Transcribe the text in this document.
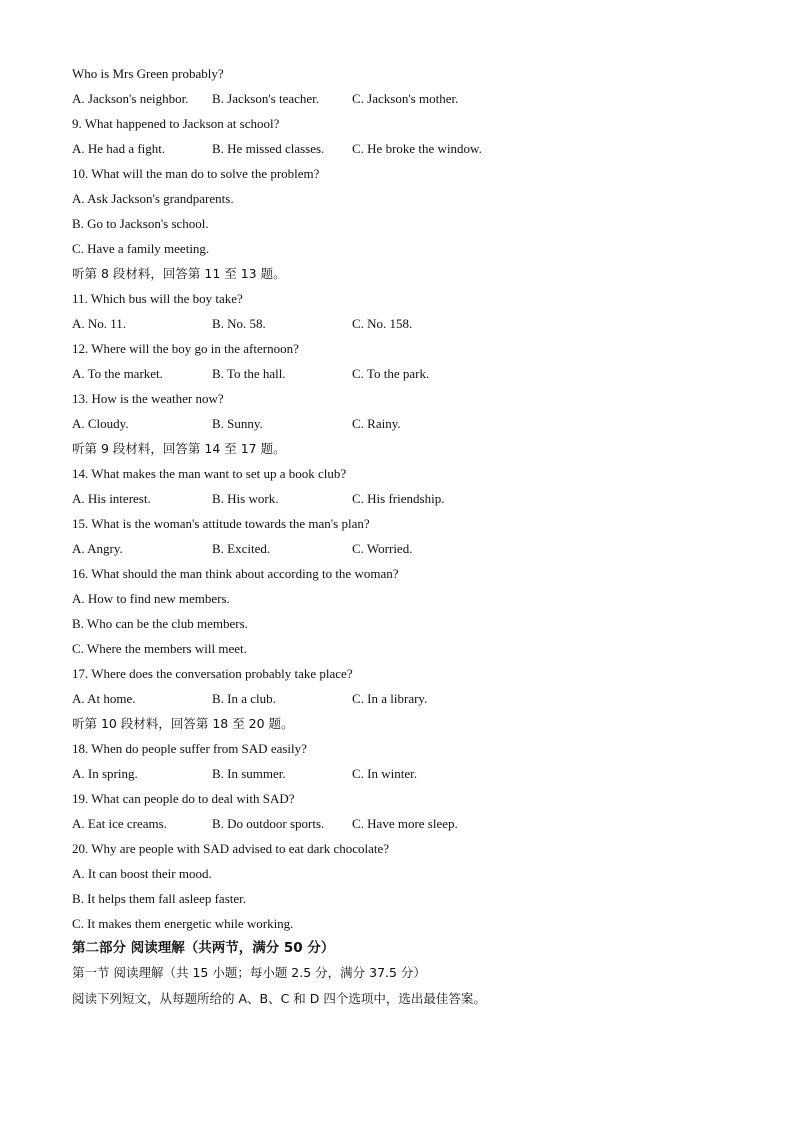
Who is Mrs Green probably?
A. Jackson's neighbor. B. Jackson's teacher.	C. Jackson's mother.
9. What happened to Jackson at school?
A. He had a fight.	B. He missed classes. C. He broke the window.
10. What will the man do to solve the problem?
A. Ask Jackson's grandparents.
B. Go to Jackson's school.
C. Have a family meeting.
听第 8 段材料，回答第 11 至 13 题。
11. Which bus will the boy take?
A. No. 11.	B. No. 58.	C. No. 158.
12. Where will the boy go in the afternoon?
A. To the market.	B. To the hall.	C. To the park.
13. How is the weather now?
A. Cloudy.	B. Sunny.	C. Rainy.
听第 9 段材料，回答第 14 至 17 题。
14. What makes the man want to set up a book club?
A. His interest.	B. His work.	C. His friendship.
15. What is the woman's attitude towards the man's plan?
A. Angry.	B. Excited.	C. Worried.
16. What should the man think about according to the woman?
A. How to find new members.
B. Who can be the club members.
C. Where the members will meet.
17. Where does the conversation probably take place?
A. At home.	B. In a club.	C. In a library.
听第 10 段材料，回答第 18 至 20 题。
18. When do people suffer from SAD easily?
A. In spring.	B. In summer.	C. In winter.
19. What can people do to deal with SAD?
A. Eat ice creams.	B. Do outdoor sports. C. Have more sleep.
20. Why are people with SAD advised to eat dark chocolate?
A. It can boost their mood.
B. It helps them fall asleep faster.
C. It makes them energetic while working.
第二部分 阅读理解（共两节，满分 50 分）
第一节 阅读理解（共 15 小题；每小题 2.5 分，满分 37.5 分）
阅读下列短文，从每题所给的 A、B、C 和 D 四个选项中，选出最佳答案。
